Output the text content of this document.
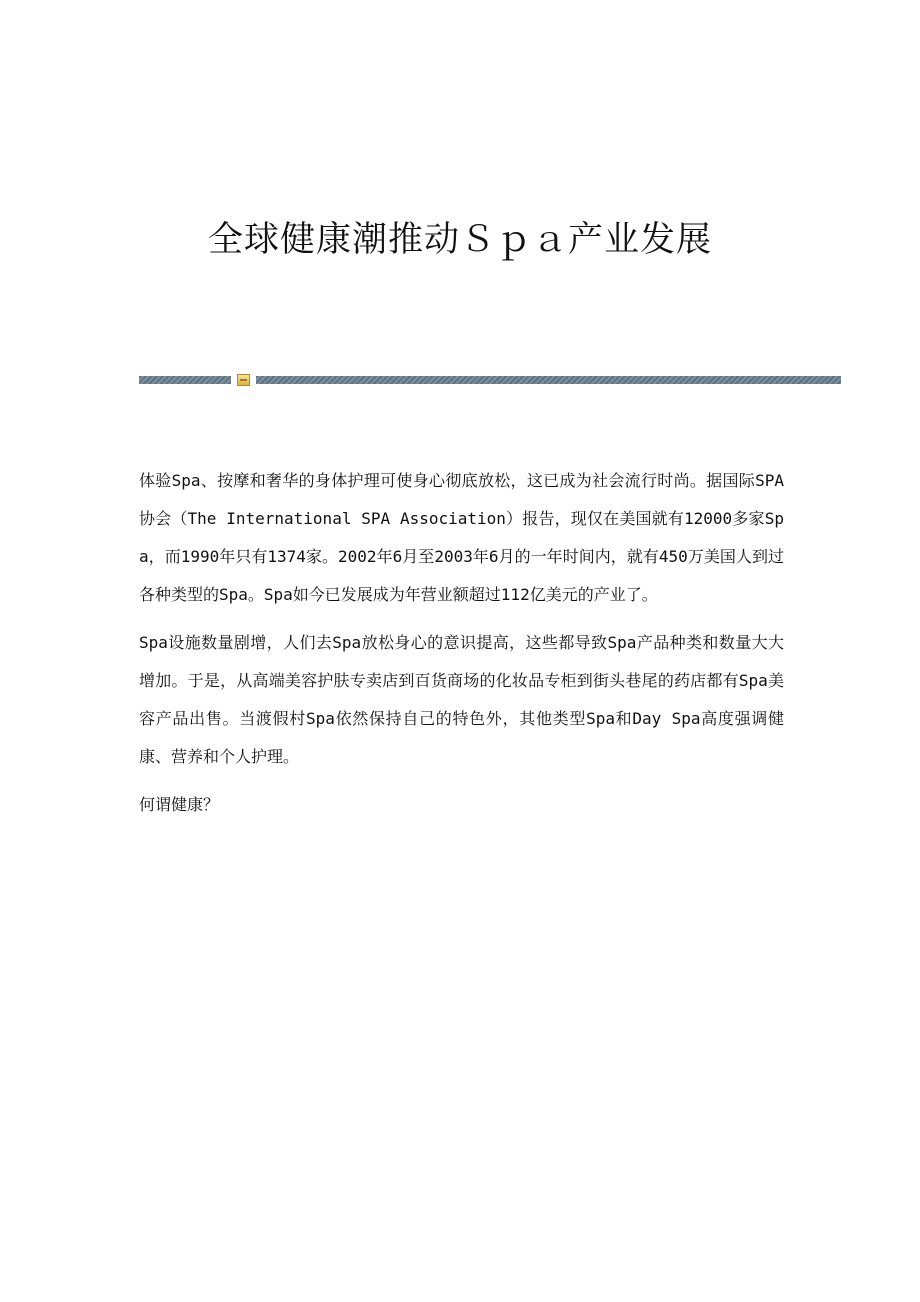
全球健康潮推动Ｓｐａ产业发展

体验Spa、按摩和奢华的身体护理可使身心彻底放松，这已成为社会流行时尚。据国际SPA协会（The International SPA Association）报告，现仅在美国就有12000多家Spa，而1990年只有1374家。2002年6月至2003年6月的一年时间内，就有450万美国人到过各种类型的Spa。Spa如今已发展成为年营业额超过112亿美元的产业了。

Spa设施数量剧增，人们去Spa放松身心的意识提高，这些都导致Spa产品种类和数量大大增加。于是，从高端美容护肤专卖店到百货商场的化妆品专柜到街头巷尾的药店都有Spa美容产品出售。当渡假村Spa依然保持自己的特色外，其他类型Spa和Day Spa高度强调健康、营养和个人护理。

何谓健康？
